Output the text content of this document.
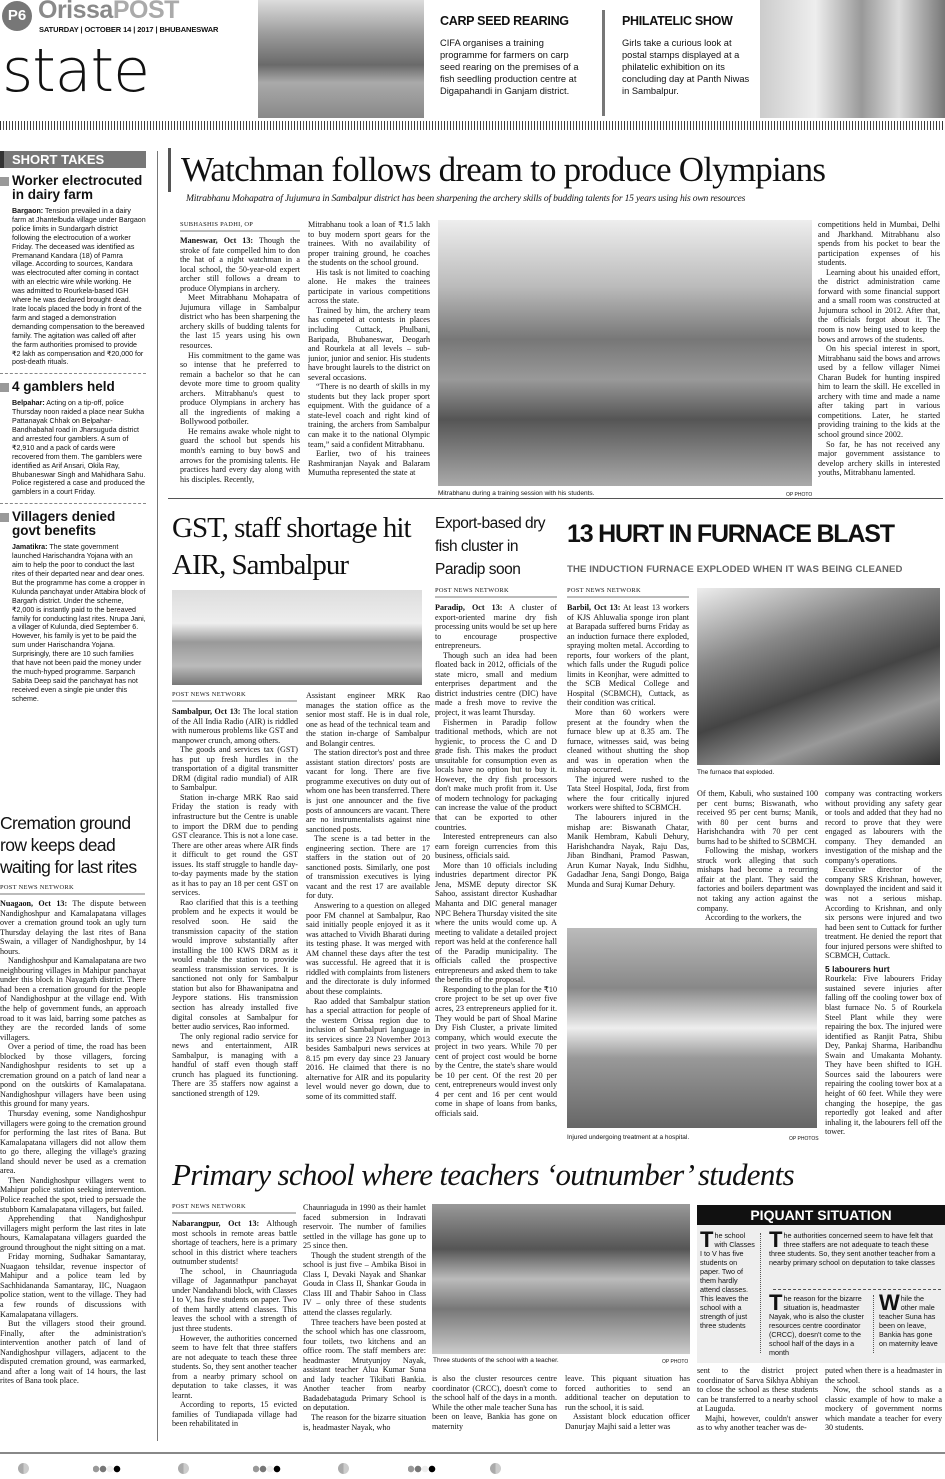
P6 OrissaPOST
SATURDAY | OCTOBER 14 | 2017 | BHUBANESWAR
state
CARP SEED REARING
CIFA organises a training programme for farmers on carp seed rearing on the premises of a fish seedling production centre at Digapahandi in Ganjam district.
PHILATELIC SHOW
Girls take a curious look at postal stamps displayed at a philatelic exhibition on its concluding day at Panth Niwas in Sambalpur.
SHORT TAKES
Worker electrocuted in dairy farm
Bargaon: Tension prevailed in a dairy farm at Jhantelbuda village under Bargaon police limits in Sundargarh district following the electrocution of a worker Friday. The deceased was identified as Premanand Kandara (18) of Pamra village. According to sources, Kandara was electrocuted after coming in contact with an electric wire while working. He was admitted to Rourkela-based IGH where he was declared brought dead. Irate locals placed the body in front of the farm and staged a demonstration demanding compensation to the bereaved family. The agitation was called off after the farm authorities promised to provide ₹2 lakh as compensation and ₹20,000 for post-death rituals.
4 gamblers held
Belpahar: Acting on a tip-off, police Thursday noon raided a place near Sukha Pattanayak Chhak on Belpahar-Bandhabahal road in Jharsuguda district and arrested four gamblers. A sum of ₹2,910 and a pack of cards were recovered from them. The gamblers were identified as Arif Ansari, Okila Ray, Bhubaneswar Singh and Mahidhara Sahu. Police registered a case and produced the gamblers in a court Friday.
Villagers denied govt benefits
Jamatikra: The state government launched Harischandra Yojana with an aim to help the poor to conduct the last rites of their departed near and dear ones. But the programme has come a cropper in Kulunda panchayat under Attabira block of Bargarh district. Under the scheme, ₹2,000 is instantly paid to the bereaved family for conducting last rites. Nrupa Jani, a villager of Kulunda, died September 6. However, his family is yet to be paid the sum under Harischandra Yojana. Surprisingly, there are 10 such families that have not been paid the money under the much-hyped programme. Sarpanch Sabita Deep said the panchayat has not received even a single pie under this scheme.
Cremation ground row keeps dead waiting for last rites
POST NEWS NETWORK

Nuagaon, Oct 13: The dispute between Nandighoshpur and Kamalapatana villages over a cremation ground took an ugly turn Thursday delaying the last rites of Bana Swain, a villager of Nandighoshpur, by 14 hours.

Nandighoshpur and Kamalapatana are two neighbouring villages in Mahipur panchayat under this block in Nayagarh district. There had been a cremation ground for the people of Nandighoshpur at the village end. With the help of government funds, an approach road to it was laid, barring some patches as they are the recorded lands of some villagers.

Over a period of time, the road has been blocked by those villagers, forcing Nandighoshpur residents to set up a cremation ground on a patch of land near a pond on the outskirts of Kamalapatana. Nandighoshpur villagers have been using this ground for many years.

Thursday evening, some Nandighoshpur villagers were going to the cremation ground for performing the last rites of Bana. But Kamalapatana villagers did not allow them to go there, alleging the village's grazing land should never be used as a cremation area.

Then Nandighoshpur villagers went to Mahipur police station seeking intervention. Police reached the spot, tried to persuade the stubborn Kamalapatana villagers, but failed.

Apprehending that Nandighoshpur villagers might perform the last rites in late hours, Kamalapatana villagers guarded the ground throughout the night sitting on a mat.

Friday morning, Sudhakar Samantaray, Nuagaon tehsildar, revenue inspector of Mahipur and a police team led by Sachhidananda Samantaray, IIC, Nuagaon police station, went to the village. They had a few rounds of discussions with Kamalapatana villagers.

But the villagers stood their ground. Finally, after the administration's intervention another patch of land of Nandighoshpur villagers, adjacent to the disputed cremation ground, was earmarked, and after a long wait of 14 hours, the last rites of Bana took place.

Watchman follows dream to produce Olympians
Mitrabhanu Mohapatra of Jujumura in Sambalpur district has been sharpening the archery skills of budding talents for 15 years using his own resources
SUBHASHIS PADHI, OP

Maneswar, Oct 13: Though the stroke of fate compelled him to don the hat of a night watchman in a local school, the 50-year-old expert archer still follows a dream to produce Olympians in archery.

Meet Mitrabhanu Mohapatra of Jujumura village in Sambalpur district who has been sharpening the archery skills of budding talents for the last 15 years using his own resources.

His commitment to the game was so intense that he preferred to remain a bachelor so that he can devote more time to groom quality archers. Mitrabhanu's quest to produce Olympians in archery has all the ingredients of making a Bollywood potboiler.

He remains awake whole night to guard the school but spends his month's earning to buy bowS and arrows for the promising talents. He practices hard every day along with his disciples. Recently,

Mitrabhanu took a loan of ₹1.5 lakh to buy modern sport gears for the trainees. With no availability of proper training ground, he coaches the students on the school ground.

His task is not limited to coaching alone. He makes the trainees participate in various competitions across the state.

Trained by him, the archery team has competed at contests in places including Cuttack, Phulbani, Baripada, Bhubaneswar, Deogarh and Rourkela at all levels – sub-junior, junior and senior. His students have brought laurels to the district on several occasions.

“There is no dearth of skills in my students but they lack proper sport equipment. With the guidance of a state-level coach and right kind of training, the archers from Sambalpur can make it to the national Olympic team,” said a confident Mitrabhanu.

Earlier, two of his trainees Rashmiranjan Nayak and Balaram Mumutha represented the state at

Mitrabhanu during a training session with his students.	OP PHOTO

competitions held in Mumbai, Delhi and Jharkhand. Mitrabhanu also spends from his pocket to bear the participation expenses of his students.

Learning about his unaided effort, the district administration came forward with some financial support and a small room was constructed at Jujumura school in 2012. After that, the officials forgot about it. The room is now being used to keep the bows and arrows of the students.

On his special interest in sport, Mitrabhanu said the bows and arrows used by a fellow villager Nimei Charan Budek for hunting inspired him to learn the skill. He excelled in archery with time and made a name after taking part in various competitions. Later, he started providing training to the kids at the school ground since 2002.

So far, he has not received any major government assistance to develop archery skills in interested youths, Mitrabhanu lamented.

GST, staff shortage hit AIR, Sambalpur
POST NEWS NETWORK

Sambalpur, Oct 13: The local station of the All India Radio (AIR) is riddled with numerous problems like GST and manpower crunch, among others.

The goods and services tax (GST) has put up fresh hurdles in the transportation of a digital transmitter DRM (digital radio mundial) of AIR to Sambalpur.

Station in-charge MRK Rao said Friday the station is ready with infrastructure but the Centre is unable to import the DRM due to pending GST clearance. This is not a lone case. There are other areas where AIR finds it difficult to get round the GST issues. Its staff struggle to handle day-to-day payments made by the station as it has to pay an 18 per cent GST on services.

Rao clarified that this is a teething problem and he expects it would be resolved soon. He said the transmission capacity of the station would improve substantially after installing the 100 KWS DRM as it would enable the station to provide seamless transmission services. It is sanctioned not only for Sambalpur station but also for Bhawanipatna and Jeypore stations. His transmission section has already installed five digital consoles at Sambalpur for better audio services, Rao informed.

The only regional radio service for news and entertainment, AIR Sambalpur, is managing with a handful of staff even though staff crunch has plagued its functioning. There are 35 staffers now against a sanctioned strength of 129.

Assistant engineer MRK Rao manages the station office as the senior most staff. He is in dual role, one as head of the technical team and the station in-charge of Sambalpur and Bolangir centres.

The station director's post and three assistant station directors' posts are vacant for long. There are five programme executives on duty out of whom one has been transferred. There is just one announcer and the five posts of announcers are vacant. There are no instrumentalists against nine sanctioned posts.

The scene is a tad better in the engineering section. There are 17 staffers in the station out of 20 sanctioned posts. Similarly, one post of transmission executives is lying vacant and the rest 17 are available for duty.

Answering to a question on alleged poor FM channel at Sambalpur, Rao said initially people enjoyed it as it was attached to Vividh Bharati during its testing phase. It was merged with AM channel these days after the test was successful. He agreed that it is riddled with complaints from listeners and the directorate is duly informed about these complaints.

Rao added that Sambalpur station has a special attraction for people of the western Orissa region due to inclusion of Sambalpuri language in its services since 23 November 2013 besides Sambalpuri news services at 8.15 pm every day since 23 January 2016. He claimed that there is no alternative for AIR and its popularity level would never go down, due to some of its committed staff.

Export-based dry fish cluster in Paradip soon
POST NEWS NETWORK

Paradip, Oct 13: A cluster of export-oriented marine dry fish processing units would be set up here to encourage prospective entrepreneurs.

Though such an idea had been floated back in 2012, officials of the state micro, small and medium enterprises department and the district industries centre (DIC) have made a fresh move to revive the project, it was learnt Thursday.

Fishermen in Paradip follow traditional methods, which are not hygienic, to process the C and D grade fish. This makes the product unsuitable for consumption even as locals have no option but to buy it. However, the dry fish processors don't make much profit from it. Use of modern technology for packaging can increase the value of the product that can be exported to other countries.

Interested entrepreneurs can also earn foreign currencies from this business, officials said.

More than 10 officials including industries department director PK Jena, MSME deputy director SK Sahoo, assistant director Kushadhar Mahanta and DIC general manager NPC Behera Thursday visited the site where the units would come up. A meeting to validate a detailed project report was held at the conference hall of the Paradip municipality. The officials called the prospective entrepreneurs and asked them to take the benefits of the proposal.

Responding to the plan for the ₹10 crore project to be set up over five acres, 23 entrepreneurs applied for it. They would be part of Shoal Marine Dry Fish Cluster, a private limited company, which would execute the project in two years. While 70 per cent of project cost would be borne by the Centre, the state's share would be 10 per cent. Of the rest 20 per cent, entrepreneurs would invest only 4 per cent and 16 per cent would come in shape of loans from banks, officials said.

13 HURT IN FURNACE BLAST
THE INDUCTION FURNACE EXPLODED WHEN IT WAS BEING CLEANED
POST NEWS NETWORK

Barbil, Oct 13: At least 13 workers of KJS Ahluwalia sponge iron plant at Barapada suffered burns Friday as an induction furnace there exploded, spraying molten metal. According to reports, four workers of the plant, which falls under the Rugudi police limits in Keonjhar, were admitted to the SCB Medical College and Hospital (SCBMCH), Cuttack, as their condition was critical.

More than 60 workers were present at the foundry when the furnace blew up at 8.35 am. The furnace, witnesses said, was being cleaned without shutting the shop and was in operation when the mishap occurred.

The injured were rushed to the Tata Steel Hospital, Joda, first from where the four critically injured workers were shifted to SCBMCH.

The labourers injured in the mishap are: Biswanath Chatar, Manik Hembram, Kabuli Dehury, Harishchandra Nayak, Raju Das, Jiban Bindhani, Pramod Paswan, Arun Kumar Nayak, Indu Sidhhu, Gadadhar Jena, Sangi Dongo, Baiga Munda and Suraj Kumar Dehury.

The furnace that exploded.

Of them, Kabuli, who sustained 100 per cent burns; Biswanath, who received 95 per cent burns; Manik, with 80 per cent burns and Harishchandra with 70 per cent burns had to be shifted to SCBMCH.

Following the mishap, workers struck work alleging that such mishaps had become a recurring affair at the plant. They said the factories and boilers department was not taking any action against the company.

According to the workers, the

company was contracting workers without providing any safety gear or tools and added that they had no record to prove that they were engaged as labourers with the company. They demanded an investigation of the mishap and the company's operations.

Executive director of the company SRS Krishnan, however, downplayed the incident and said it was not a serious mishap. According to Krishnan, and only six persons were injured and two had been sent to Cuttack for further treatment. He denied the report that four injured persons were shifted to SCBMCH, Cuttack.

5 labourers hurt

Rourkela: Five labourers Friday sustained severe injuries after falling off the cooling tower box of blast furnace No. 5 of Rourkela Steel Plant while they were repairing the box. The injured were identified as Ranjit Patra, Shibu Dey, Pankaj Sharma, Haribandhu Swain and Umakanta Mohanty. They have been shifted to IGH. Sources said the labourers were repairing the cooling tower box at a height of 60 feet. While they were changing the hosepipe, the gas reportedly got leaked and after inhaling it, the labourers fell off the tower.

Injured undergoing treatment at a hospital.	OP PHOTOS
Primary school where teachers ‘outnumber’ students
POST NEWS NETWORK

Nabarangpur, Oct 13: Although most schools in remote areas battle shortage of teachers, here is a primary school in this district where teachers outnumber students!

The school, in Chaunriaguda village of Jagannathpur panchayat under Nandahandi block, with Classes I to V, has five students on paper. Two of them hardly attend classes. This leaves the school with a strength of just three students.

However, the authorities concerned seem to have felt that three staffers are not adequate to teach these three students. So, they sent another teacher from a nearby primary school on deputation to take classes, it was learnt.

According to reports, 15 evicted families of Tundiapada village had been rehabilitated in

Chaunriaguda in 1990 as their hamlet faced submersion in Indravati reservoir. The number of families settled in the village has gone up to 25 since then.

Though the student strength of the school is just five – Ambika Bisoi in Class I, Devaki Nayak and Shankar Gouda in Class II, Shankar Gouda in Class III and Thabir Sahoo in Class IV – only three of these students attend the classes regularly.

Three teachers have been posted at the school which has one classroom, four toilets, two kitchens and an office room. The staff members are: headmaster Mrutyunjoy Nayak, assistant teacher Alua Kumar Suna and lady teacher Tikibati Bankia. Another teacher from nearby Badadebataguda Primary School is on deputation.

The reason for the bizarre situation is, headmaster Nayak, who

Three students of the school with a teacher.	OP PHOTO

is also the cluster resources centre coordinator (CRCC), doesn't come to the school half of the days in a month. While the other male teacher Suna has been on leave, Bankia has gone on maternity

leave. This piquant situation has forced authorities to send an additional teacher on deputation to run the school, it is said.

Assistant block education officer Danurjay Majhi said a letter was

sent to the district project coordinator of Sarva Sikhya Abhiyan to close the school as these students can be transferred to a nearby school at Lauguda.

Majhi, however, couldn't answer as to why another teacher was de-

puted when there is a headmaster in the school.

Now, the school stands as a classic example of how to make a mockery of government norms which mandate a teacher for every 30 students.

PIQUANT SITUATION
The school with Classes I to V has five students on paper. Two of them hardly attend classes. This leaves the school with a strength of just three students
The authorities concerned seem to have felt that three staffers are not adequate to teach these three students. So, they sent another teacher from a nearby primary school on deputation to take classes
The reason for the bizarre situation is, headmaster Nayak, who is also the cluster resources centre coordinator (CRCC), doesn't come to the school half of the days in a month
While the other male teacher Suna has been on leave, Bankia has gone on maternity leave
